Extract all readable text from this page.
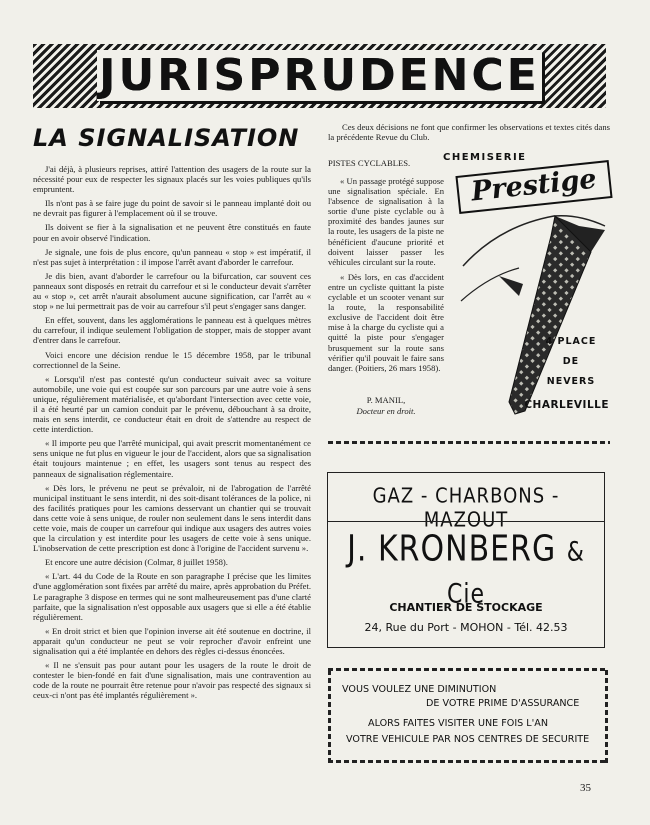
JURISPRUDENCE
LA SIGNALISATION

J'ai déjà, à plusieurs reprises, attiré l'attention des usagers de la route sur la nécessité pour eux de respecter les signaux placés sur les voies publiques qu'ils empruntent.

Ils n'ont pas à se faire juge du point de savoir si le panneau implanté doit ou ne devrait pas figurer à l'emplacement où il se trouve.

Ils doivent se fier à la signalisation et ne peuvent être constitués en faute pour en avoir observé l'indication.

Je signale, une fois de plus encore, qu'un panneau « stop » est impératif, il n'est pas sujet à interprétation : il impose l'arrêt avant d'aborder le carrefour.

Je dis bien, avant d'aborder le carrefour ou la bifurcation, car souvent ces panneaux sont disposés en retrait du carrefour et si le conducteur devait s'arrêter au « stop », cet arrêt n'aurait absolument aucune signification, car l'arrêt au « stop » ne lui permettrait pas de voir au carrefour s'il peut s'engager sans danger.

En effet, souvent, dans les agglomérations le panneau est à quelques mètres du carrefour, il indique seulement l'obligation de stopper, mais de stopper avant d'entrer dans le carrefour.

Voici encore une décision rendue le 15 décembre 1958, par le tribunal correctionnel de la Seine.

« Lorsqu'il n'est pas contesté qu'un conducteur suivait avec sa voiture automobile, une voie qui est coupée sur son parcours par une autre voie à sens unique, régulièrement matérialisée, et qu'abordant l'intersection avec cette voie, il a été heurté par un camion conduit par le prévenu, débouchant à sa droite, mais en sens interdit, ce conducteur était en droit de s'attendre au respect de cette interdiction.

« Il importe peu que l'arrêté municipal, qui avait prescrit momentanément ce sens unique ne fut plus en vigueur le jour de l'accident, alors que sa signalisation était toujours maintenue ; en effet, les usagers sont tenus au respect des panneaux de signalisation réglementaire.

« Dès lors, le prévenu ne peut se prévaloir, ni de l'abrogation de l'arrêté municipal instituant le sens interdit, ni des soit-disant tolérances de la police, ni des facilités pratiques pour les camions desservant un chantier qui se trouvait dans cette voie à sens unique, de rouler non seulement dans le sens interdit dans cette voie, mais de couper un carrefour qui indique aux usagers des autres voies que la circulation y est interdite pour les usagers de cette voie à sens unique. L'inobservation de cette prescription est donc à l'origine de l'accident survenu ».

Et encore une autre décision (Colmar, 8 juillet 1958).

« L'art. 44 du Code de la Route en son paragraphe I précise que les limites d'une agglomération sont fixées par arrêté du maire, après approbation du Préfet. Le paragraphe 3 dispose en termes qui ne sont malheureusement pas d'une clarté parfaite, que la signalisation n'est opposable aux usagers que si elle a été établie régulièrement.

« En droit strict et bien que l'opinion inverse ait été soutenue en doctrine, il apparait qu'un conducteur ne peut se voir reprocher d'avoir enfreint une signalisation qui a été implantée en dehors des règles ci-dessus énoncées.

« Il ne s'ensuit pas pour autant pour les usagers de la route le droit de contester le bien-fondé en fait d'une signalisation, mais une contravention au code de la route ne pourrait être retenue pour n'avoir pas respecté des signaux si ceux-ci n'ont pas été implantés régulièrement ».

Ces deux décisions ne font que confirmer les observations et textes cités dans la précédente Revue du Club.

PISTES CYCLABLES.

« Un passage protégé suppose une signalisation spéciale. En l'absence de signalisation à la sortie d'une piste cyclable ou à proximité des bandes jaunes sur la route, les usagers de la piste ne bénéficient d'aucune priorité et doivent laisser passer les véhicules circulant sur la route.

« Dès lors, en cas d'accident entre un cycliste quittant la piste cyclable et un scooter venant sur la route, la responsabilité exclusive de l'accident doit être mise à la charge du cycliste qui a quitté la piste pour s'engager brusquement sur la route sans vérifier qu'il pouvait le faire sans danger. (Poitiers, 26 mars 1958).

P. MANIL,
Docteur en droit.
CHEMISERIE
Prestige
4 PLACE
DE
NEVERS
CHARLEVILLE
GAZ - CHARBONS - MAZOUT
J. KRONBERG & Cie
CHANTIER DE STOCKAGE
24, Rue du Port - MOHON - Tél. 42.53
VOUS VOULEZ UNE DIMINUTION
DE VOTRE PRIME D'ASSURANCE
ALORS FAITES VISITER UNE FOIS L'AN
VOTRE VEHICULE PAR NOS CENTRES DE SECURITE
35
